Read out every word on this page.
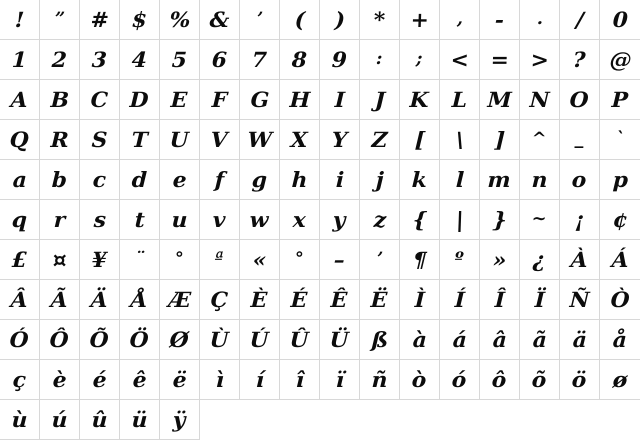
! ” # $ % & ’ ( ) * + , - . / 0
1 2 3 4 5 6 7 8 9 : ; < = > ? @
A B C D E F G H I J K L M N O P
Q R S T U V W X Y Z [ \ ] ^ _ `
a b c d e f g h i j k l m n o p
q r s t u v w x y z { | } ~ ¡ ¢
£ ¤ ¥ ¨ ° ª « ° – ’ ¶ º » ¿ À Á
Â Ã Ä Å Æ Ç È É Ê Ë Ì Í Î Ï Ñ Ò
Ó Ô Õ Ö Ø Ù Ú Û Ü ß à á â ã ä å
ç è é ê ë ì í î ï ñ ò ó ô õ ö ø
ù ú û ü ÿ
